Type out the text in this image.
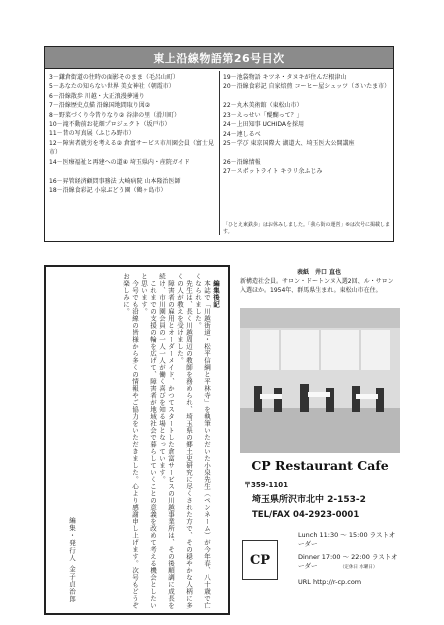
東上沿線物語第26号目次
3－鎌倉街道の往時の面影そのまま（毛呂山町）
5－あなたの知らない世界 美女神社（朝霞市）
6－沿線散歩 川越・大正浪漫夢通り
7－沿線歴史点描 沿線国地間取り図②
8－野菜づくり今昔りなり② 谷津の里（滑川町）
10－滝不動前お花畑プロジェクト（坂戸市）
11－昔の写真展（ふじみ野市）
12－障害者就労を考える② 倉富サービス市川園会員（富士見市）
14－医療福祉と再建への道④ 埼玉県内・産院ガイド
16－昇管経済顧問事務法 大崎病院 山本隆治医師
18－沿線食彩記 小泉ぶどう園（鶴ヶ島市）
19－池袋物語 キツネ・タヌキが住んだ根津山
20－沿線食彩記 自家焙煎 コーヒー屋シュッツ（さいたま市）
22－丸木美術館（東松山市）
23－えっせい「醍醐って？」
24－上田知事 UCHIDAを採用
24－連しるべ
25－学び 東京国際大 湖道大、埼玉医大公開講座
26－沿線情報
27－スポットライト キラリ余ふじみ
「ひとえ東鉄歩」はお休みしました。「我ら街の運営」⑥は次号に掲載します。
編集後記
本誌で「川越街道・松平信綱と平林寺」を執筆いただいた小泉先生（ペンネーム）が今年春、八十歳で亡くなられました。
先生は、長く川越周辺の教師を務められ、埼玉県の郷土史研究に尽くされた方で、その穏やかな人柄に多くの人が教えを受けました。
障害者の雇用とオーダーメイド、かつてスタートした倉富サービスの川越事業所は、その後順調に成長を続け、市川園会員の一人一人が働く喜びを知る場となっています。
これまでの支援の輪を広げて、障害者が地域社会で暮らしていくことの意義を改めて考える機会としたいと思います。
今号でも沿線の皆様から多くの情報やご協力をいただきました。心より感謝申し上げます。次号もどうぞお楽しみに。
編集・発行人 金子貞治郎
表紙　井口 直也
新構造社会員。サロン・ドートンヌ入選2回、ル・サロン入選ほか。1954年、群馬県生まれ。東松山市在住。
CP Restaurant Cafe
〒359-1101
埼玉県所沢市北中 2-153-2
TEL/FAX 04-2923-0001
Lunch 11:30 ～ 15:00 ラストオーダー
CP	Dinner 17:00 ～ 22:00 ラストオーダー	（定休日 水曜日）
URL http://r-cp.com
